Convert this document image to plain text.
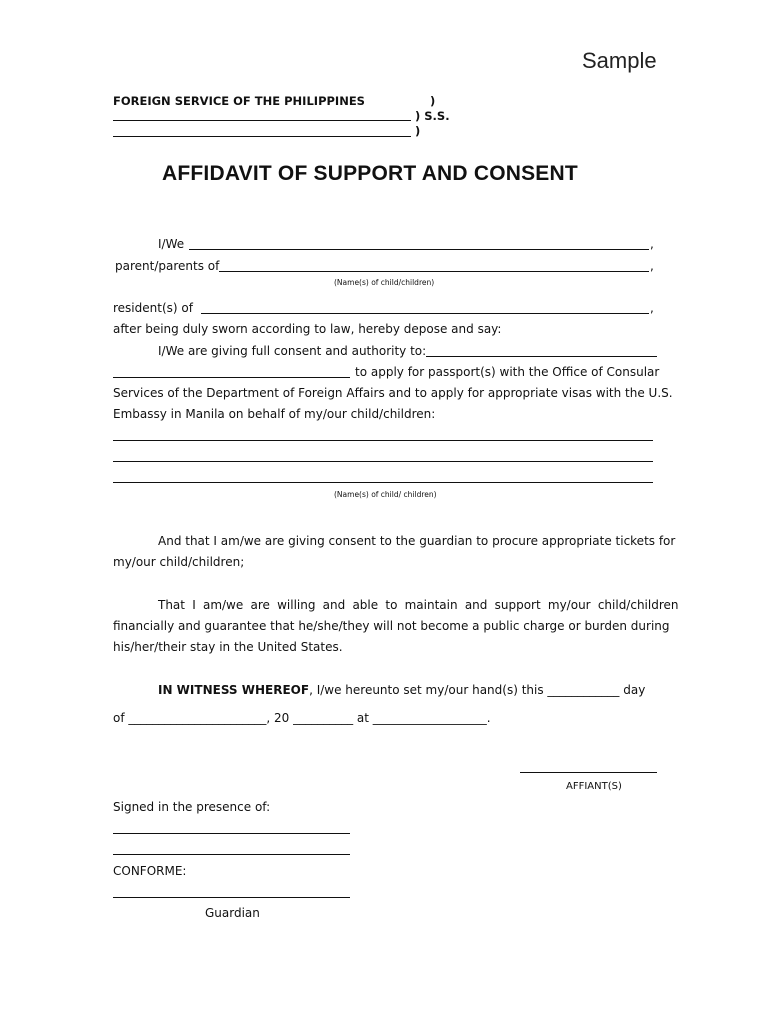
Sample
FOREIGN SERVICE OF THE PHILIPPINES	)
) S.S.
)
AFFIDAVIT OF SUPPORT AND CONSENT
I/We	,
parent/parents of	,
(Name(s) of child/children)
resident(s) of	,
after being duly sworn according to law, hereby depose and say:
I/We are giving full consent and authority to:
to apply for passport(s) with the Office of Consular
Services of the Department of Foreign Affairs and to apply for appropriate visas with the U.S.
Embassy in Manila on behalf of my/our child/children:
(Name(s) of child/ children)
And that I am/we are giving consent to the guardian to procure appropriate tickets for
my/our child/children;
That I am/we are willing and able to maintain and support my/our child/children
financially and guarantee that he/she/they will not become a public charge or burden during
his/her/their stay in the United States.
IN WITNESS WHEREOF, I/we hereunto set my/our hand(s) this ____________ day
of _______________________, 20 __________ at ___________________.
AFFIANT(S)
Signed in the presence of:
CONFORME:
Guardian
